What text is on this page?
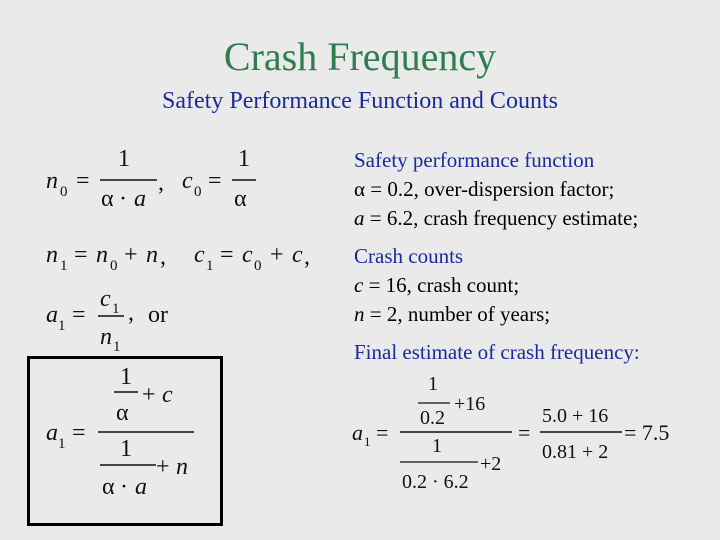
Crash Frequency
Safety Performance Function and Counts
n 0 =
1
α · a
, c 0 =
1
α
n 1 = n 0 + n , c 1 = c 0 + c ,
a 1 =
c 1
n 1
, or
a 1 =
1
α
+ c
1
α · a
+ n
a 1 =
1
0.2
+16
1
0.2 · 6.2
+2
=
5.0 + 16
0.81 + 2
= 7.5
Safety performance function
α = 0.2, over-dispersion factor;
a = 6.2, crash frequency estimate;
Crash counts
c = 16, crash count;
n = 2, number of years;
Final estimate of crash frequency:
